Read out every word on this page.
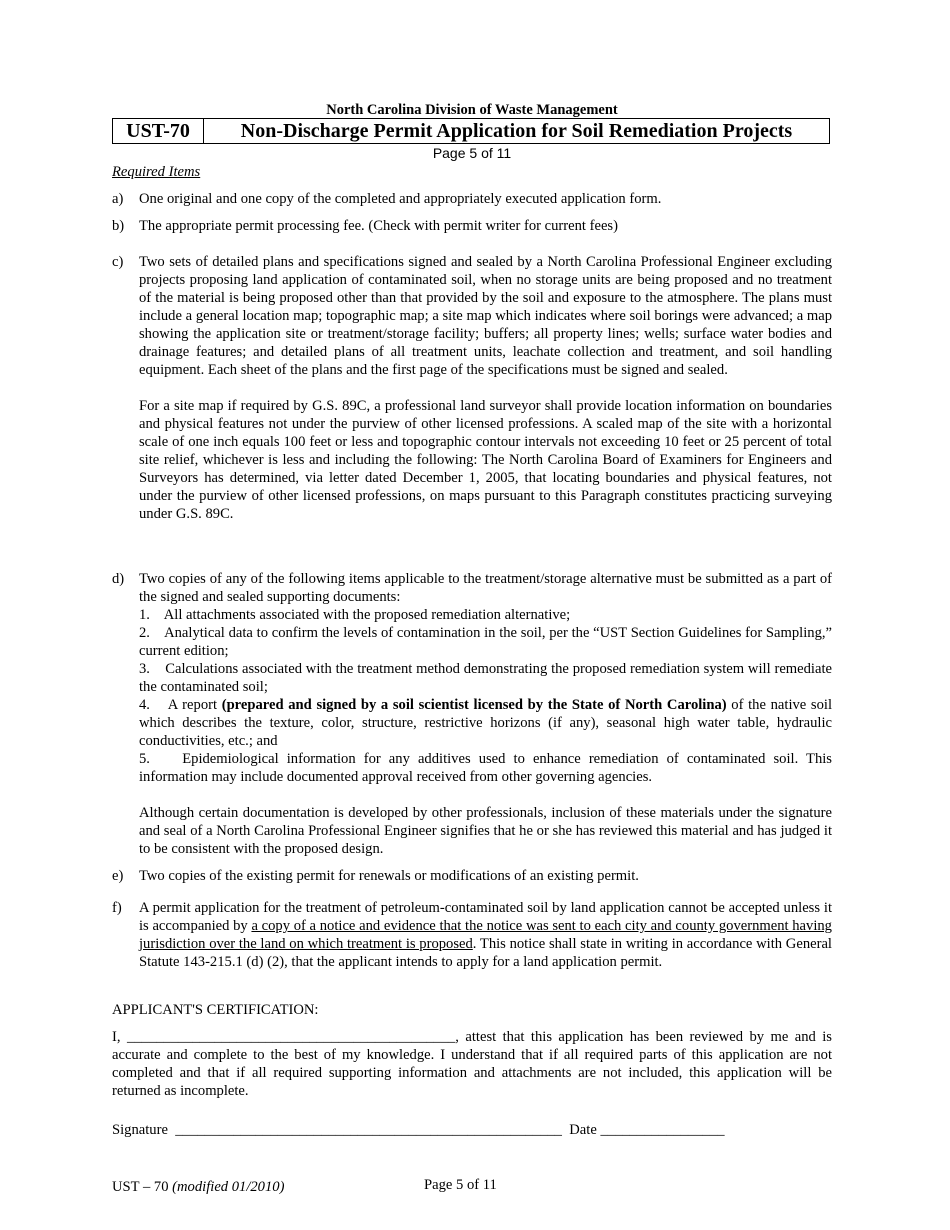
North Carolina Division of Waste Management
UST-70	Non-Discharge Permit Application for Soil Remediation Projects
Page 5 of 11
Required Items
a)	One original and one copy of the completed and appropriately executed application form.
b)	The appropriate permit processing fee. (Check with permit writer for current fees)
c)	Two sets of detailed plans and specifications signed and sealed by a North Carolina Professional Engineer excluding projects proposing land application of contaminated soil, when no storage units are being proposed and no treatment of the material is being proposed other than that provided by the soil and exposure to the atmosphere. The plans must include a general location map; topographic map; a site map which indicates where soil borings were advanced; a map showing the application site or treatment/storage facility; buffers; all property lines; wells; surface water bodies and drainage features; and detailed plans of all treatment units, leachate collection and treatment, and soil handling equipment. Each sheet of the plans and the first page of the specifications must be signed and sealed.

For a site map if required by G.S. 89C, a professional land surveyor shall provide location information on boundaries and physical features not under the purview of other licensed professions. A scaled map of the site with a horizontal scale of one inch equals 100 feet or less and topographic contour intervals not exceeding 10 feet or 25 percent of total site relief, whichever is less and including the following: The North Carolina Board of Examiners for Engineers and Surveyors has determined, via letter dated December 1, 2005, that locating boundaries and physical features, not under the purview of other licensed professions, on maps pursuant to this Paragraph constitutes practicing surveying under G.S. 89C.

d)	Two copies of any of the following items applicable to the treatment/storage alternative must be submitted as a part of the signed and sealed supporting documents:

1.    All attachments associated with the proposed remediation alternative;
2.    Analytical data to confirm the levels of contamination in the soil, per the “UST Section Guidelines for Sampling,” current edition;
3.    Calculations associated with the treatment method demonstrating the proposed remediation system will remediate the contaminated soil;
4.    A report (prepared and signed by a soil scientist licensed by the State of North Carolina) of the native soil which describes the texture, color, structure, restrictive horizons (if any), seasonal high water table, hydraulic conductivities, etc.; and
5.    Epidemiological information for any additives used to enhance remediation of contaminated soil. This information may include documented approval received from other governing agencies.

Although certain documentation is developed by other professionals, inclusion of these materials under the signature and seal of a North Carolina Professional Engineer signifies that he or she has reviewed this material and has judged it to be consistent with the proposed design.

e)	Two copies of the existing permit for renewals or modifications of an existing permit.
f)	A permit application for the treatment of petroleum-contaminated soil by land application cannot be accepted unless it is accompanied by a copy of a notice and evidence that the notice was sent to each city and county government having jurisdiction over the land on which treatment is proposed. This notice shall state in writing in accordance with General Statute 143-215.1 (d) (2), that the applicant intends to apply for a land application permit.
APPLICANT'S CERTIFICATION:
I, _____________________________________________, attest that this application has been reviewed by me and is accurate and complete to the best of my knowledge. I understand that if all required parts of this application are not completed and that if all required supporting information and attachments are not included, this application will be returned as incomplete.
Signature _____________________________________________________ Date _________________
UST – 70 (modified 01/2010)	Page 5 of 11
